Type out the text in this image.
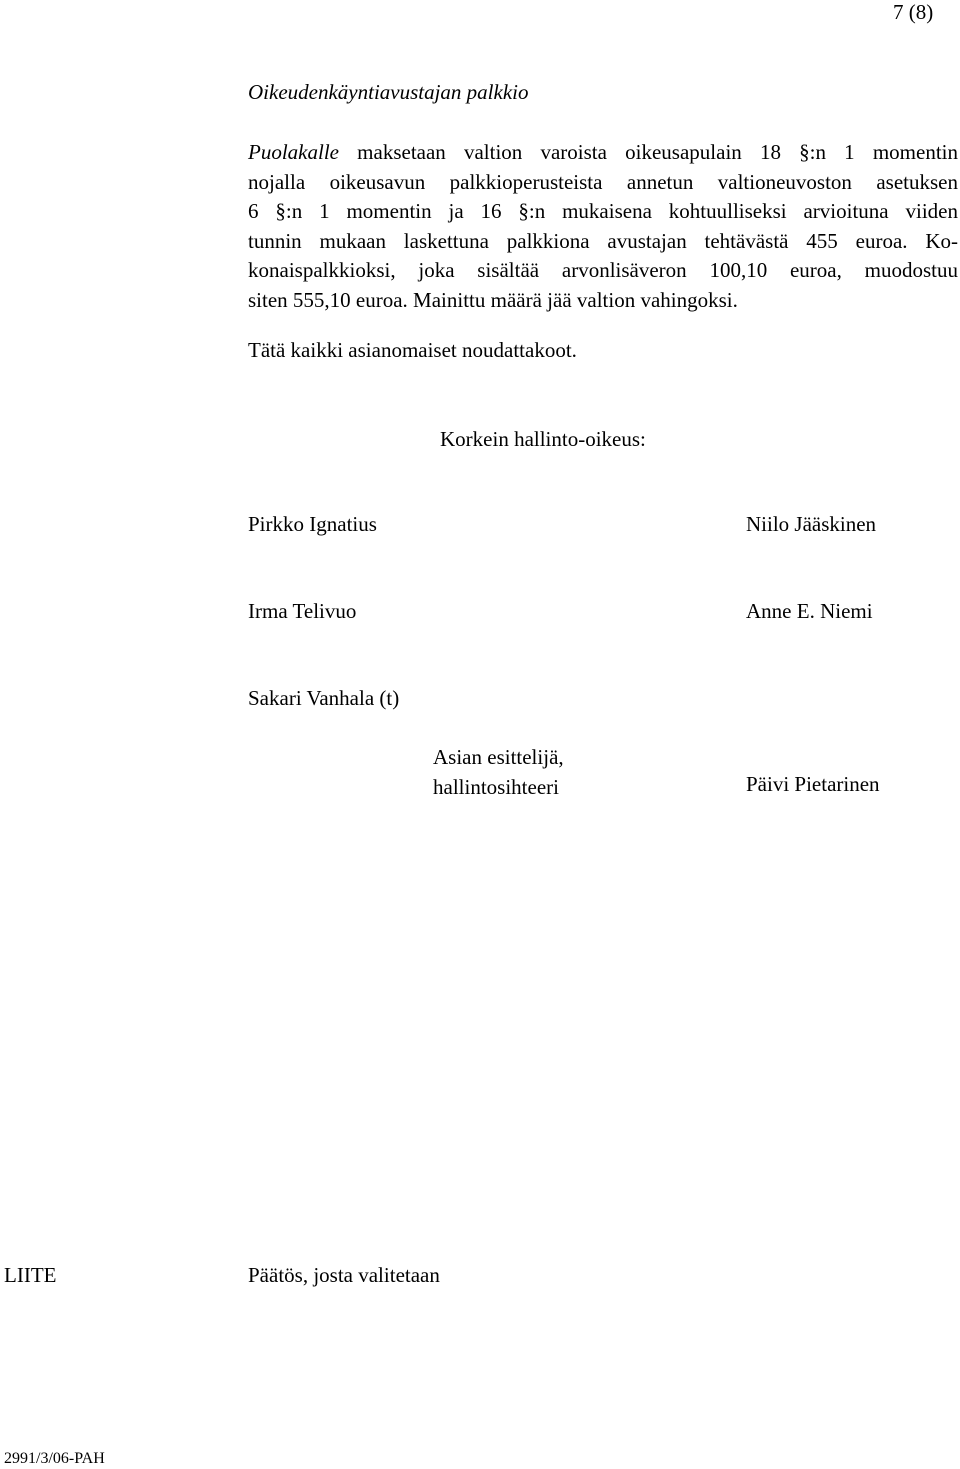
7 (8)
Oikeudenkäyntiavustajan palkkio
Puolakalle maksetaan valtion varoista oikeusapulain 18 §:n 1 momentin
nojalla oikeusavun palkkioperusteista annetun valtioneuvoston asetuksen
6 §:n 1 momentin ja 16 §:n mukaisena kohtuulliseksi arvioituna viiden
tunnin mukaan laskettuna palkkiona avustajan tehtävästä 455 euroa. Ko-
konaispalkkioksi, joka sisältää arvonlisäveron 100,10 euroa, muodostuu
siten 555,10 euroa. Mainittu määrä jää valtion vahingoksi.
Tätä kaikki asianomaiset noudattakoot.
Korkein hallinto-oikeus:
Pirkko Ignatius	Niilo Jääskinen
Irma Telivuo	Anne E. Niemi
Sakari Vanhala (t)
Asian esittelijä,
hallintosihteeri	Päivi Pietarinen
LIITE	Päätös, josta valitetaan
2991/3/06-PAH
